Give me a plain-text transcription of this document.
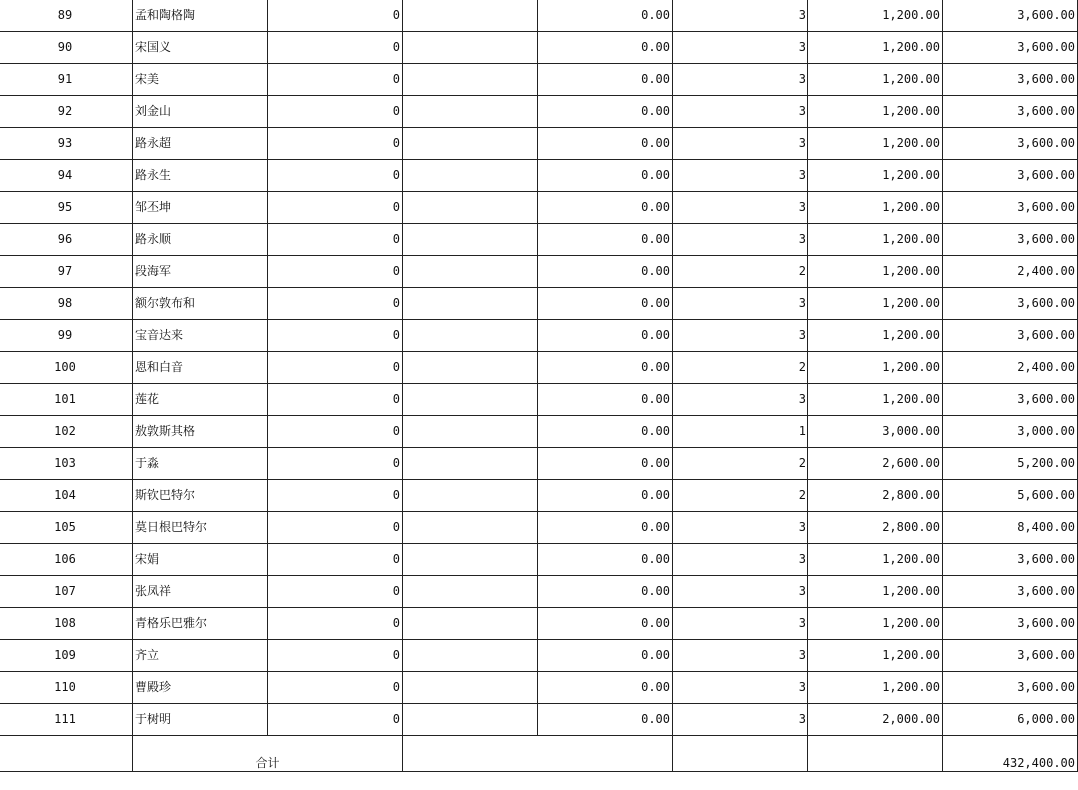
89	孟和陶格陶	0	0.00	3	1,200.00	3,600.00
90	宋国义	0	0.00	3	1,200.00	3,600.00
91	宋美	0	0.00	3	1,200.00	3,600.00
92	刘金山	0	0.00	3	1,200.00	3,600.00
93	路永超	0	0.00	3	1,200.00	3,600.00
94	路永生	0	0.00	3	1,200.00	3,600.00
95	邹丕坤	0	0.00	3	1,200.00	3,600.00
96	路永顺	0	0.00	3	1,200.00	3,600.00
97	段海军	0	0.00	2	1,200.00	2,400.00
98	额尔敦布和	0	0.00	3	1,200.00	3,600.00
99	宝音达来	0	0.00	3	1,200.00	3,600.00
100	恩和白音	0	0.00	2	1,200.00	2,400.00
101	莲花	0	0.00	3	1,200.00	3,600.00
102	敖敦斯其格	0	0.00	1	3,000.00	3,000.00
103	于淼	0	0.00	2	2,600.00	5,200.00
104	斯钦巴特尔	0	0.00	2	2,800.00	5,600.00
105	莫日根巴特尔	0	0.00	3	2,800.00	8,400.00
106	宋娟	0	0.00	3	1,200.00	3,600.00
107	张凤祥	0	0.00	3	1,200.00	3,600.00
108	青格乐巴雅尔	0	0.00	3	1,200.00	3,600.00
109	齐立	0	0.00	3	1,200.00	3,600.00
110	曹殿珍	0	0.00	3	1,200.00	3,600.00
111	于树明	0	0.00	3	2,000.00	6,000.00
合计	432,400.00
